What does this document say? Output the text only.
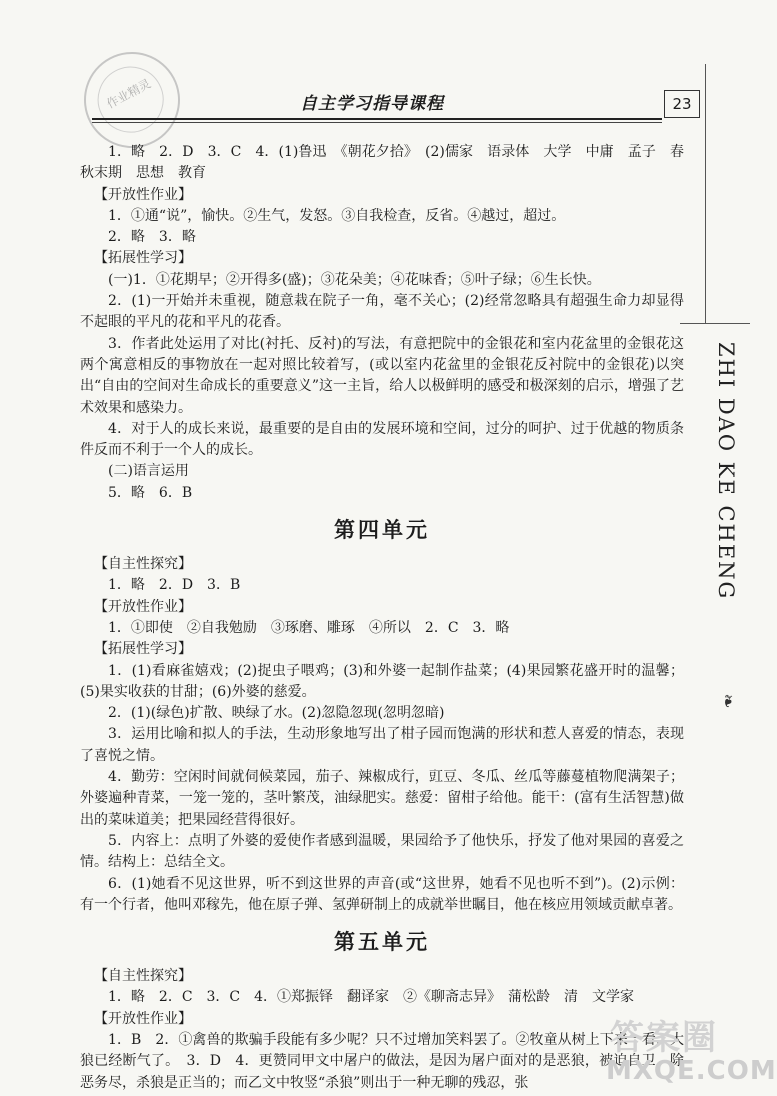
作业精灵	自主学习指导课程	23
ZHI DAO KE CHENG
❧

1．略　2．D　3．C　4．(1)鲁迅　《朝花夕拾》　(2)儒家　语录体　大学　中庸　孟子　春秋末期　思想　教育

【开放性作业】

1．①通“说”，愉快。②生气，发怒。③自我检查，反省。④越过，超过。

2．略　3．略

【拓展性学习】

(一)1．①花期早；②开得多(盛)；③花朵美；④花味香；⑤叶子绿；⑥生长快。

2．(1)一开始并未重视，随意栽在院子一角，毫不关心；(2)经常忽略具有超强生命力却显得不起眼的平凡的花和平凡的花香。

3．作者此处运用了对比(衬托、反衬)的写法，有意把院中的金银花和室内花盆里的金银花这两个寓意相反的事物放在一起对照比较着写，(或以室内花盆里的金银花反衬院中的金银花)以突出“自由的空间对生命成长的重要意义”这一主旨，给人以极鲜明的感受和极深刻的启示，增强了艺术效果和感染力。

4．对于人的成长来说，最重要的是自由的发展环境和空间，过分的呵护、过于优越的物质条件反而不利于一个人的成长。

(二)语言运用

5．略　6．B

第四单元

【自主性探究】

1．略　2．D　3．B

【开放性作业】

1．①即使　②自我勉励　③琢磨、雕琢　④所以　2．C　3．略

【拓展性学习】

1．(1)看麻雀嬉戏；(2)捉虫子喂鸡；(3)和外婆一起制作盐菜；(4)果园繁花盛开时的温馨；(5)果实收获的甘甜；(6)外婆的慈爱。

2．(1)(绿色)扩散、映绿了水。(2)忽隐忽现(忽明忽暗)

3．运用比喻和拟人的手法，生动形象地写出了柑子园而饱满的形状和惹人喜爱的情态，表现了喜悦之情。

4．勤劳：空闲时间就伺候菜园，茄子、辣椒成行，豇豆、冬瓜、丝瓜等藤蔓植物爬满架子；外婆遍种青菜，一笼一笼的，茎叶繁茂，油绿肥实。慈爱：留柑子给他。能干：(富有生活智慧)做出的菜味道美；把果园经营得很好。

5．内容上：点明了外婆的爱使作者感到温暖，果园给予了他快乐，抒发了他对果园的喜爱之情。结构上：总结全文。

6．(1)她看不见这世界，听不到这世界的声音(或“这世界，她看不见也听不到”)。(2)示例：有一个行者，他叫邓稼先，他在原子弹、氢弹研制上的成就举世瞩目，他在核应用领域贡献卓著。

第五单元

【自主性探究】

1．略　2．C　3．C　4．①郑振铎　翻译家　②《聊斋志异》　蒲松龄　清　文学家

【开放性作业】

1．B　2．①禽兽的欺骗手段能有多少呢？只不过增加笑料罢了。②牧童从树上下来一看，大狼已经断气了。　3．D　4．更赞同甲文中屠户的做法，是因为屠户面对的是恶狼，被迫自卫，除恶务尽，杀狼是正当的；而乙文中牧竖“杀狼”则出于一种无聊的残忍，张

答案圈
MXQE.COM
